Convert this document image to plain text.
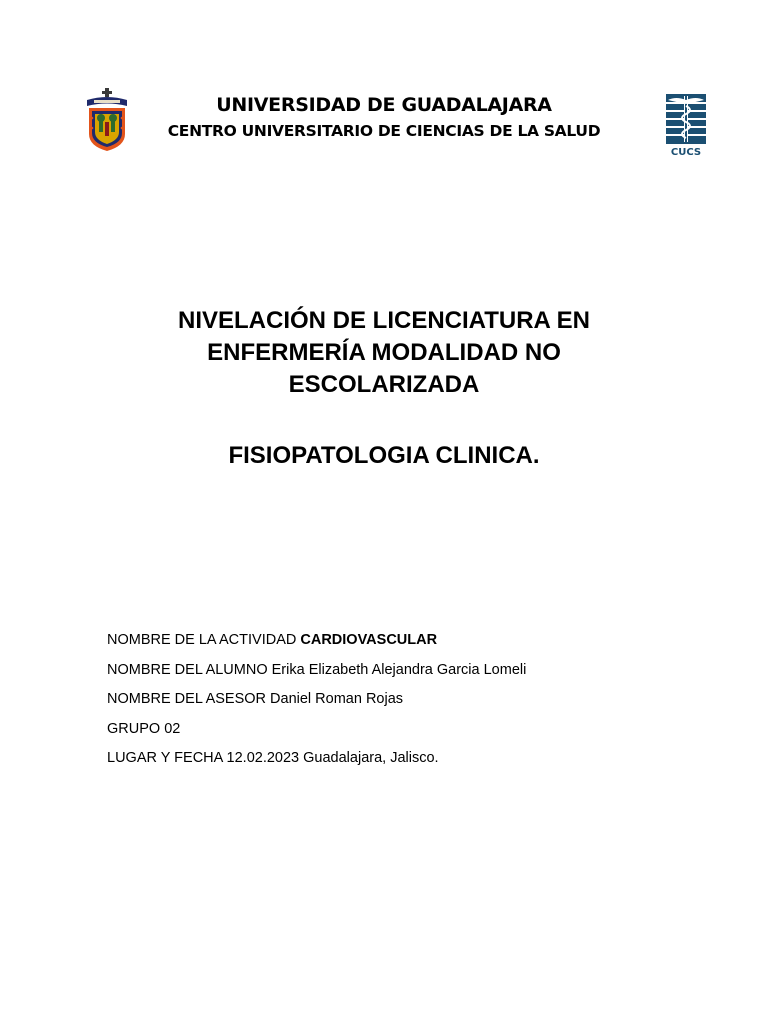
UNIVERSIDAD DE GUADALAJARA
CENTRO UNIVERSITARIO DE CIENCIAS DE LA SALUD
CUCS
NIVELACIÓN DE LICENCIATURA EN
ENFERMERÍA MODALIDAD NO
ESCOLARIZADA
FISIOPATOLOGIA CLINICA.
NOMBRE DE LA ACTIVIDAD CARDIOVASCULAR
NOMBRE DEL ALUMNO Erika Elizabeth Alejandra Garcia Lomeli
NOMBRE DEL ASESOR Daniel Roman Rojas
GRUPO 02
LUGAR Y FECHA 12.02.2023 Guadalajara, Jalisco.
